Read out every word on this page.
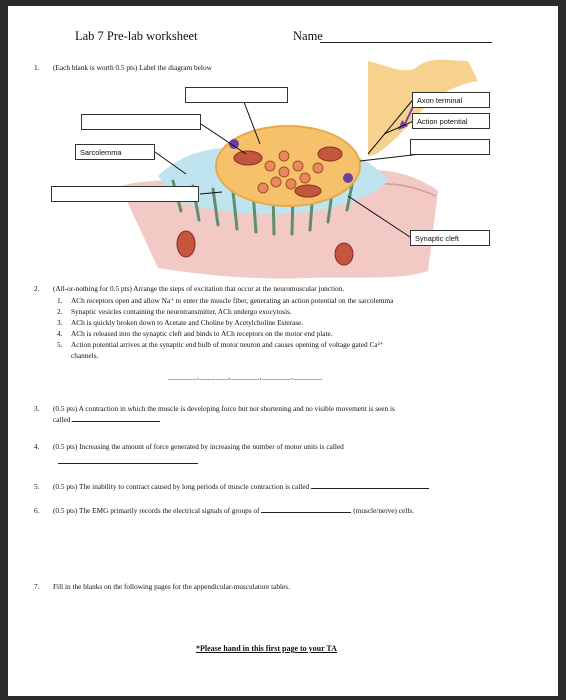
Lab 7 Pre-lab worksheet	Name
1. (Each blank is worth 0.5 pts) Label the diagram below
Sarcolemma
Axon terminal
Action potential
Synaptic cleft
2. (All-or-nothing for 0.5 pts) Arrange the steps of excitation that occur at the neuromuscular junction.
1. ACh receptors open and allow Na⁺ to enter the muscle fiber, generating an action potential on the sarcolemma
2. Synaptic vesicles containing the neurotransmitter, ACh undergo exocytosis.
3. ACh is quickly broken down to Acetate and Choline by Acetylcholine Esterase.
4. ACh is released into the synaptic cleft and binds to ACh receptors on the motor end plate.
5. Action potential arrives at the synaptic end bulb of motor neuron and causes opening of voltage gated Ca²⁺
channels.
_______,_______,_______,_______,_______
3. (0.5 pts) A contraction in which the muscle is developing force but not shortening and no visible movement is seen is
called
4. (0.5 pts) Increasing the amount of force generated by increasing the number of motor units is called
5. (0.5 pts) The inability to contract caused by long periods of muscle contraction is called
6. (0.5 pts) The EMG primarily records the electrical signals of groups of	(muscle/nerve) cells.
7. Fill in the blanks on the following pages for the appendicular-musculature tables.
*Please hand in this first page to your TA
